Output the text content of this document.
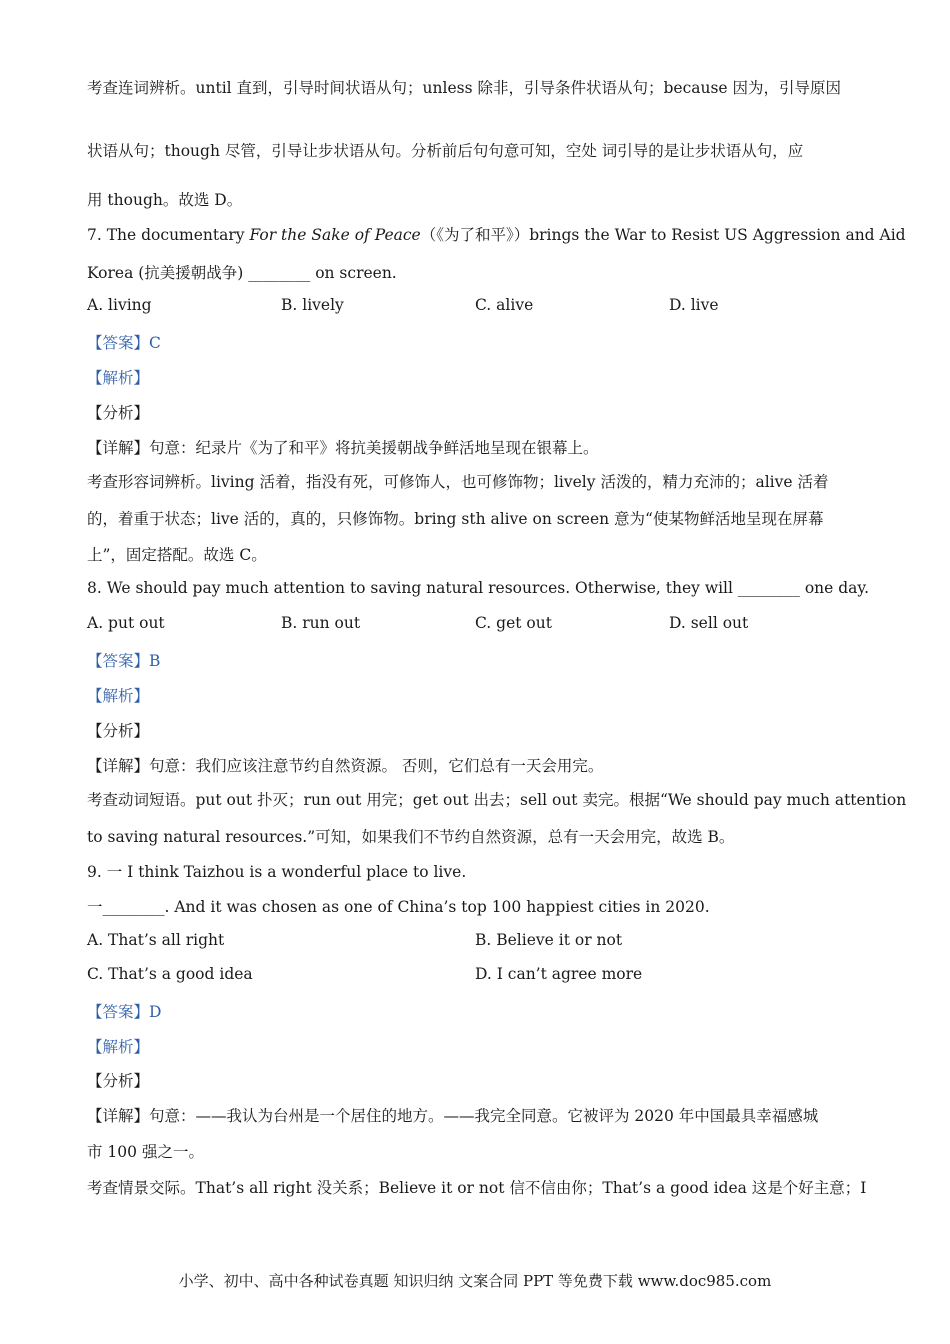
考查连词辨析。until 直到，引导时间状语从句；unless 除非，引导条件状语从句；because 因为，引导原因
状语从句；though 尽管，引导让步状语从句。分析前后句句意可知，空处 词引导的是让步状语从句，应
用 though。故选 D。
7. The documentary For the Sake of Peace（《为了和平》）brings the War to Resist US Aggression and Aid
Korea (抗美援朝战争) ________ on screen.
A. living	B. lively	C. alive	D. live
【答案】C
【解析】
【分析】
【详解】句意：纪录片《为了和平》将抗美援朝战争鲜活地呈现在银幕上。
考查形容词辨析。living 活着，指没有死，可修饰人，也可修饰物；lively 活泼的，精力充沛的；alive 活着
的，着重于状态；live 活的，真的，只修饰物。bring sth alive on screen 意为“使某物鲜活地呈现在屏幕
上”，固定搭配。故选 C。
8. We should pay much attention to saving natural resources. Otherwise, they will ________ one day.
A. put out	B. run out	C. get out	D. sell out
【答案】B
【解析】
【分析】
【详解】句意：我们应该注意节约自然资源。 否则，它们总有一天会用完。
考查动词短语。put out 扑灭；run out 用完；get out 出去；sell out 卖完。根据“We should pay much attention
to saving natural resources.”可知，如果我们不节约自然资源，总有一天会用完，故选 B。
9. 一 I think Taizhou is a wonderful place to live.
一________. And it was chosen as one of China’s top 100 happiest cities in 2020.
A. That’s all right	B. Believe it or not
C. That’s a good idea	D. I can’t agree more
【答案】D
【解析】
【分析】
【详解】句意：——我认为台州是一个居住的地方。——我完全同意。它被评为 2020 年中国最具幸福感城
市 100 强之一。
考查情景交际。That’s all right 没关系；Believe it or not 信不信由你；That’s a good idea 这是个好主意；I
小学、初中、高中各种试卷真题 知识归纳 文案合同 PPT 等免费下载 www.doc985.com
